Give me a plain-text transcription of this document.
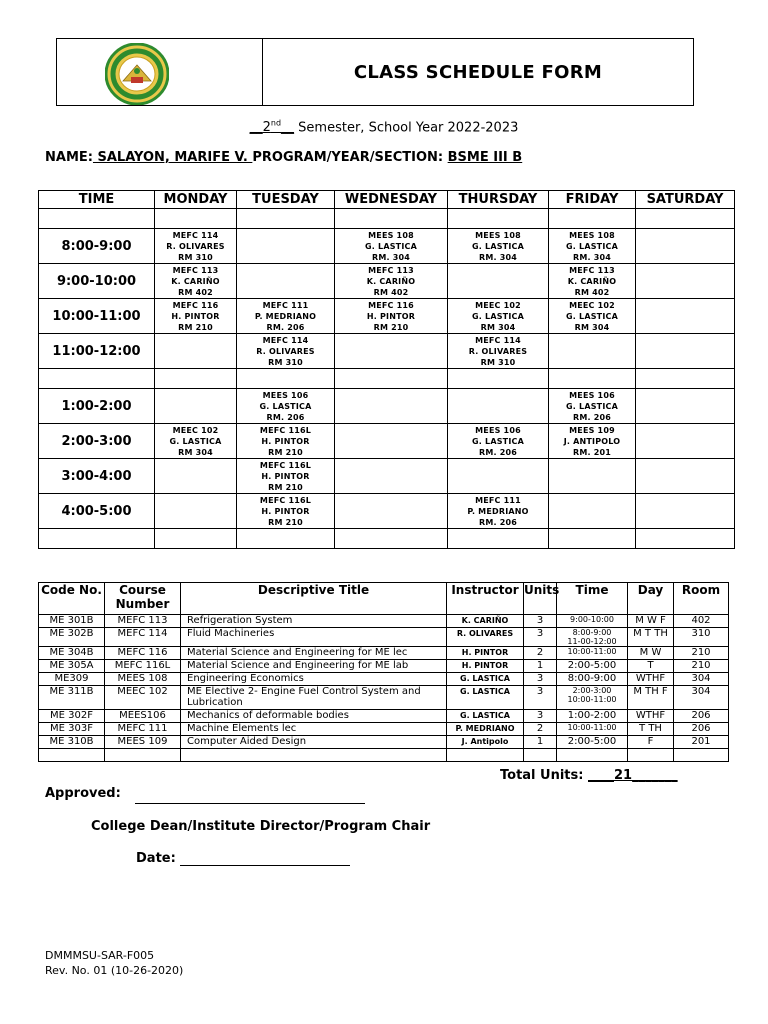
CLASS SCHEDULE FORM
__2nd__ Semester, School Year 2022-2023
NAME: SALAYON, MARIFE V. PROGRAM/YEAR/SECTION: BSME III B
TIME	MONDAY	TUESDAY	WEDNESDAY	THURSDAY	FRIDAY	SATURDAY

8:00-9:00	MEFC 114
R. OLIVARES
RM 310		MEES 108
G. LASTICA
RM. 304	MEES 108
G. LASTICA
RM. 304	MEES 108
G. LASTICA
RM. 304	

9:00-10:00	MEFC 113
K. CARIÑO
RM 402		MEFC 113
K. CARIÑO
RM 402		MEFC 113
K. CARIÑO
RM 402	

10:00-11:00	MEFC 116
H. PINTOR
RM 210	MEFC 111
P. MEDRIANO
RM. 206	MEFC 116
H. PINTOR
RM 210	MEEC 102
G. LASTICA
RM 304	MEEC 102
G. LASTICA
RM 304	

11:00-12:00		MEFC 114
R. OLIVARES
RM 310		MEFC 114
R. OLIVARES
RM 310		

1:00-2:00		MEES 106
G. LASTICA
RM. 206			MEES 106
G. LASTICA
RM. 206	

2:00-3:00	MEEC 102
G. LASTICA
RM 304	MEFC 116L
H. PINTOR
RM 210		MEES 106
G. LASTICA
RM. 206	MEES 109
J. ANTIPOLO
RM. 201	

3:00-4:00		MEFC 116L
H. PINTOR
RM 210				

4:00-5:00		MEFC 116L
H. PINTOR
RM 210		MEFC 111
P. MEDRIANO
RM. 206		

Code No.	Course Number	Descriptive Title	Instructor	Units	Time	Day	Room
ME 301B	MEFC 113	Refrigeration System	K. CARIÑO	3	9:00-10:00	M W F	402
ME 302B	MEFC 114	Fluid Machineries	R. OLIVARES	3	8:00-9:00
11-00-12:00	M T TH	310
ME 304B	MEFC 116	Material Science and Engineering for ME lec	H. PINTOR	2	10:00-11:00	M W	210
ME 305A	MEFC 116L	Material Science and Engineering for ME lab	H. PINTOR	1	2:00-5:00	T	210
ME309	MEES 108	Engineering Economics	G. LASTICA	3	8:00-9:00	WTHF	304
ME 311B	MEEC 102	ME Elective 2- Engine Fuel Control System and Lubrication	G. LASTICA	3	2:00-3:00
10:00-11:00	M TH F	304
ME 302F	MEES106	Mechanics of deformable bodies	G. LASTICA	3	1:00-2:00	WTHF	206
ME 303F	MEFC 111	Machine Elements lec	P. MEDRIANO	2	10:00-11:00	T TH	206
ME 310B	MEES 109	Computer Aided Design	J. Antipolo	1	2:00-5:00	F	201

Total Units: ____21_______
Approved:
College Dean/Institute Director/Program Chair
Date:
DMMMSU-SAR-F005
Rev. No. 01 (10-26-2020)
